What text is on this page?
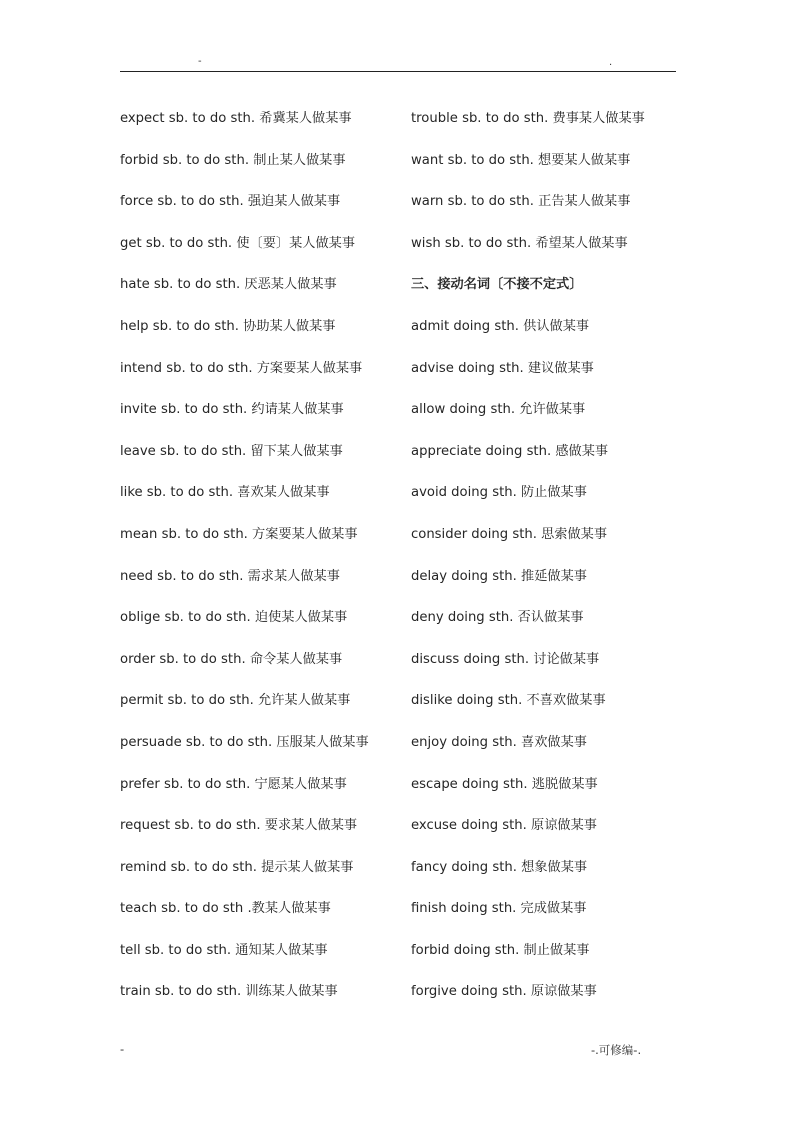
-	.
expect sb. to do sth. 希冀某人做某事
forbid sb. to do sth. 制止某人做某事
force sb. to do sth. 强迫某人做某事
get sb. to do sth. 使〔要〕某人做某事
hate sb. to do sth. 厌恶某人做某事
help sb. to do sth. 协助某人做某事
intend sb. to do sth. 方案要某人做某事
invite sb. to do sth. 约请某人做某事
leave sb. to do sth. 留下某人做某事
like sb. to do sth. 喜欢某人做某事
mean sb. to do sth. 方案要某人做某事
need sb. to do sth. 需求某人做某事
oblige sb. to do sth. 迫使某人做某事
order sb. to do sth. 命令某人做某事
permit sb. to do sth. 允许某人做某事
persuade sb. to do sth. 压服某人做某事
prefer sb. to do sth. 宁愿某人做某事
request sb. to do sth. 要求某人做某事
remind sb. to do sth. 提示某人做某事
teach sb. to do sth .教某人做某事
tell sb. to do sth. 通知某人做某事
train sb. to do sth. 训练某人做某事
trouble sb. to do sth. 费事某人做某事
want sb. to do sth. 想要某人做某事
warn sb. to do sth. 正告某人做某事
wish sb. to do sth. 希望某人做某事
三、接动名词〔不接不定式〕
admit doing sth. 供认做某事
advise doing sth. 建议做某事
allow doing sth. 允许做某事
appreciate doing sth. 感做某事
avoid doing sth. 防止做某事
consider doing sth. 思索做某事
delay doing sth. 推延做某事
deny doing sth. 否认做某事
discuss doing sth. 讨论做某事
dislike doing sth. 不喜欢做某事
enjoy doing sth. 喜欢做某事
escape doing sth. 逃脱做某事
excuse doing sth. 原谅做某事
fancy doing sth. 想象做某事
finish doing sth. 完成做某事
forbid doing sth. 制止做某事
forgive doing sth. 原谅做某事
-	-.可修编-.
